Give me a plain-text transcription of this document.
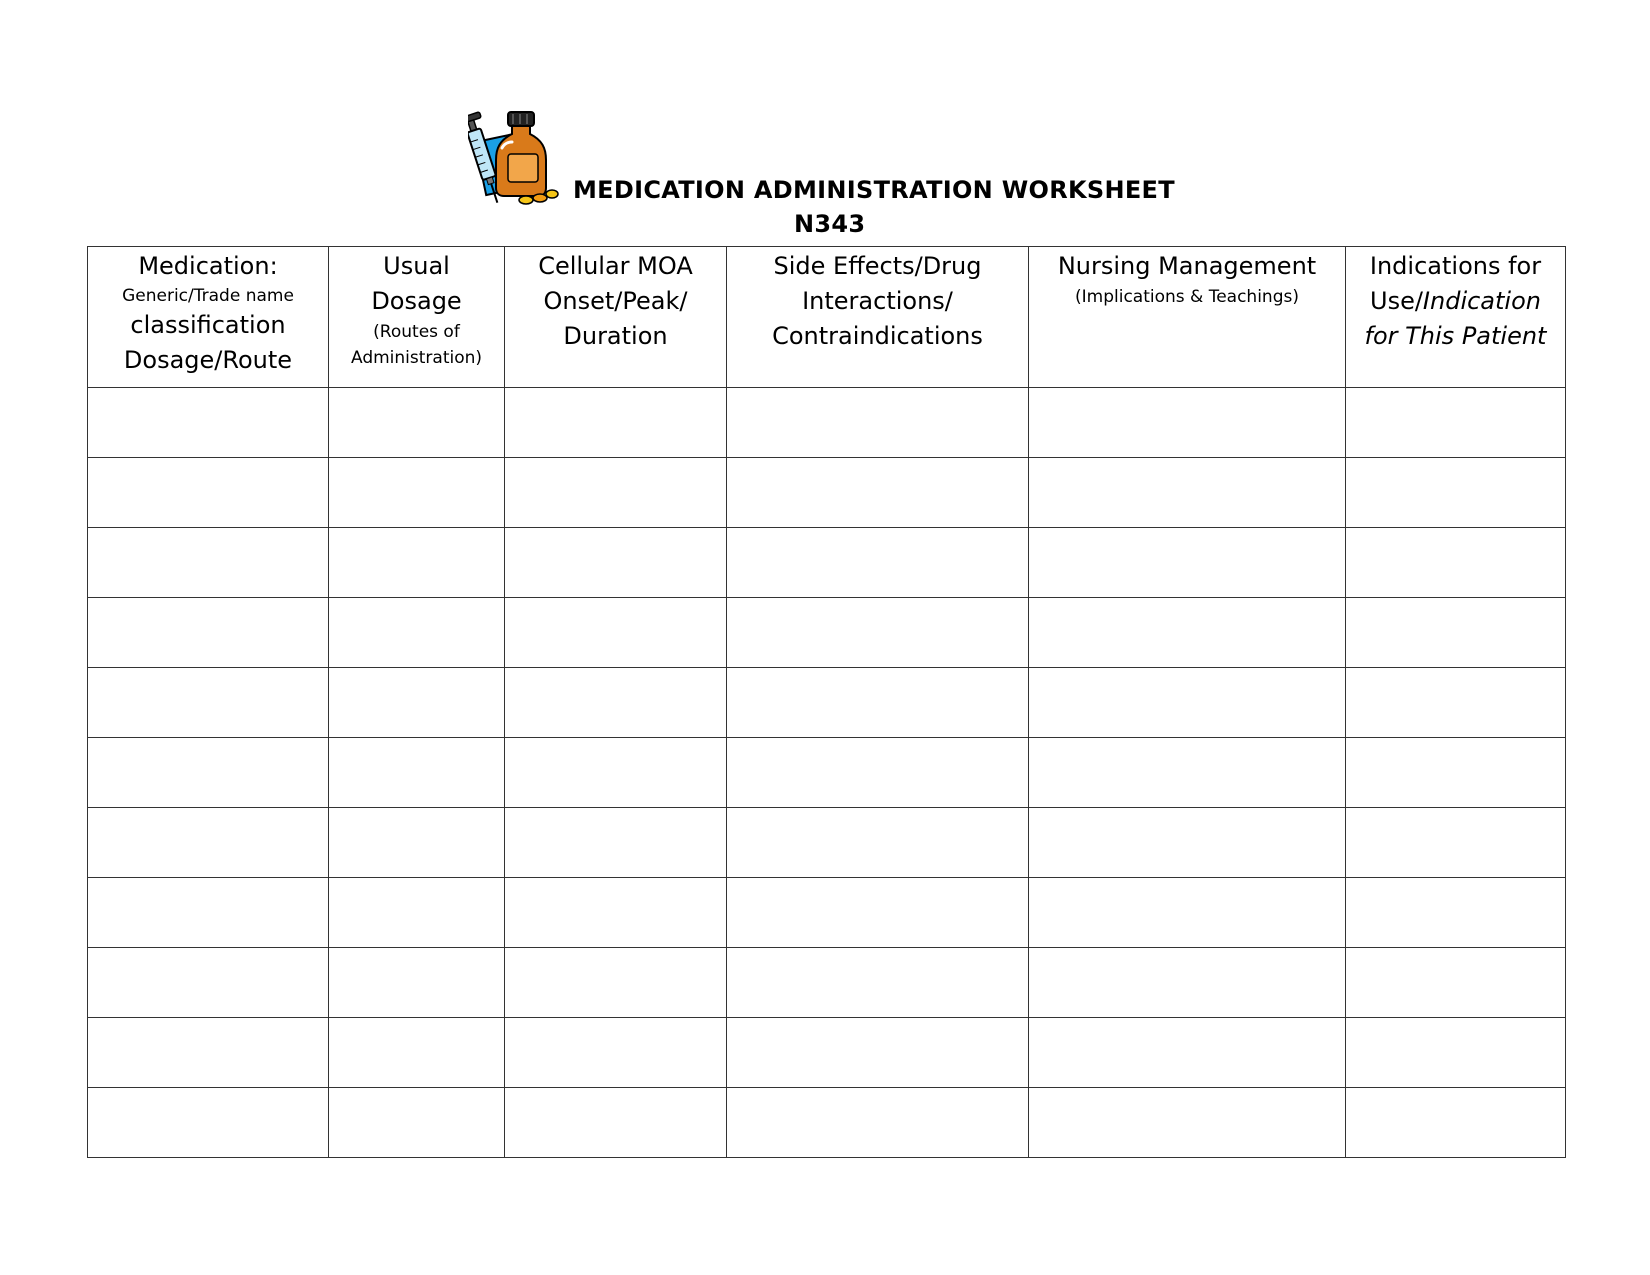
MEDICATION ADMINISTRATION WORKSHEET
N343
Medication:
Generic/Trade name
classification
Dosage/Route	Usual
Dosage
(Routes of Administration)	Cellular MOA
Onset/Peak/
Duration	Side Effects/Drug
Interactions/
Contraindications	Nursing Management
(Implications & Teachings)	Indications for
Use/Indication
for This Patient
